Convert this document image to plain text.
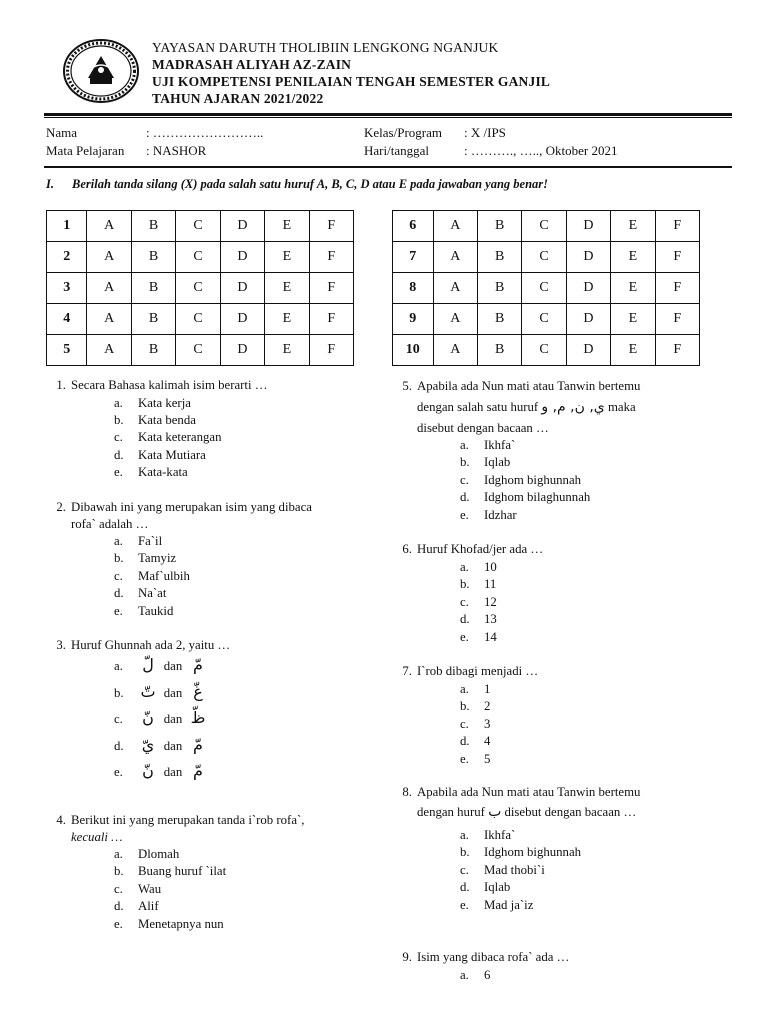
YAYASAN DARUTH THOLIBIIN LENGKONG NGANJUK
MADRASAH ALIYAH AZ-ZAIN
UJI KOMPETENSI PENILAIAN TENGAH SEMESTER GANJIL
TAHUN AJARAN 2021/2022
Nama	: ……………………..
Mata Pelajaran : NASHOR
Kelas/Program : X /IPS
Hari/tanggal	: ………., ….., Oktober 2021
I. Berilah tanda silang (X) pada salah satu huruf A, B, C, D atau E pada jawaban yang benar!
1	A	B	C	D	E	F
2	A	B	C	D	E	F
3	A	B	C	D	E	F
4	A	B	C	D	E	F
5	A	B	C	D	E	F
6	A	B	C	D	E	F
7	A	B	C	D	E	F
8	A	B	C	D	E	F
9	A	B	C	D	E	F
10	A	B	C	D	E	F
1. Secara Bahasa kalimah isim berarti …
a. Kata kerja
b. Kata benda
c. Kata keterangan
d. Kata Mutiara
e. Kata-kata
2. Dibawah ini yang merupakan isim yang dibaca
rofa` adalah …
a. Fa`il
b. Tamyiz
c. Maf`ulbih
d. Na`at
e. Taukid
3. Huruf Ghunnah ada 2, yaitu …
a. لّ dan مّ
b. تّ dan غّ
c. نّ dan ظّ
d. يّ dan مّ
e. نّ dan مّ
4. Berikut ini yang merupakan tanda i`rob rofa`,
kecuali …
a. Dlomah
b. Buang huruf `ilat
c. Wau
d. Alif
e. Menetapnya nun
5. Apabila ada Nun mati atau Tanwin bertemu
dengan salah satu huruf ي, ن, م, و maka
disebut dengan bacaan …
a. Ikhfa`
b. Iqlab
c. Idghom bighunnah
d. Idghom bilaghunnah
e. Idzhar
6. Huruf Khofad/jer ada …
a. 10
b. 11
c. 12
d. 13
e. 14
7. I`rob dibagi menjadi …
a. 1
b. 2
c. 3
d. 4
e. 5
8. Apabila ada Nun mati atau Tanwin bertemu
dengan huruf ب disebut dengan bacaan …
a. Ikhfa`
b. Idghom bighunnah
c. Mad thobi`i
d. Iqlab
e. Mad ja`iz
9. Isim yang dibaca rofa` ada …
a. 6
